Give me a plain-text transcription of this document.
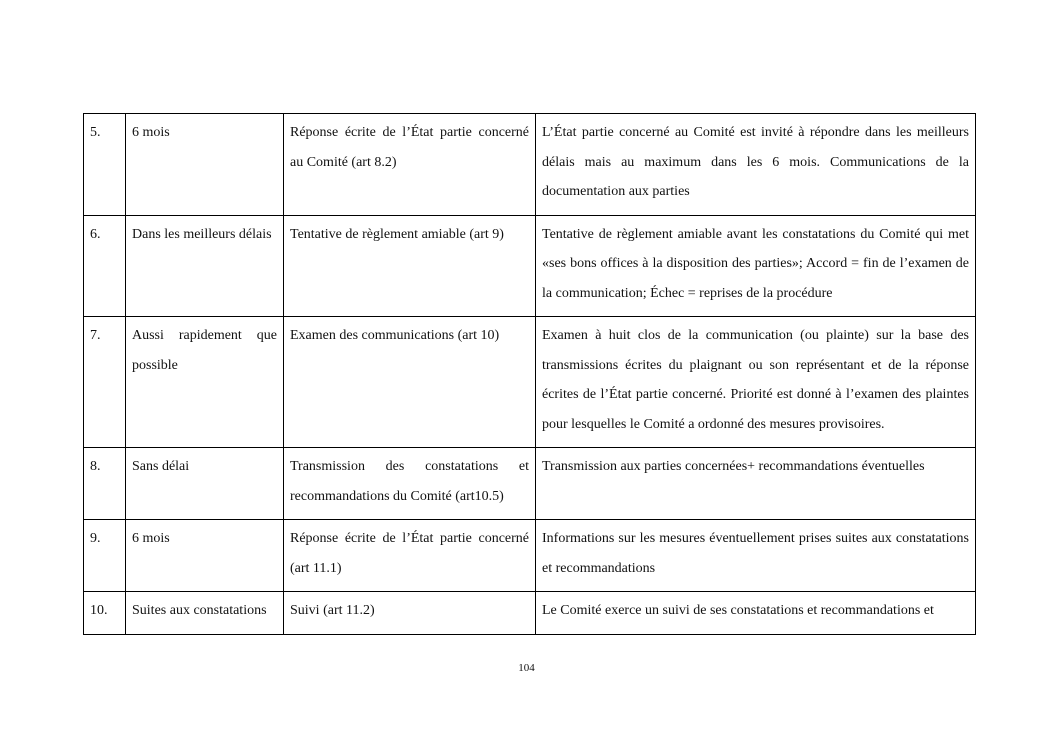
5.	6 mois	Réponse écrite de l’État partie concerné au Comité (art 8.2)	L’État partie concerné au Comité est invité à répondre dans les meilleurs délais mais au maximum dans les 6 mois. Communications de la documentation aux parties
6.	Dans les meilleurs délais	Tentative de règlement amiable (art 9)	Tentative de règlement amiable avant les constatations du Comité qui met «ses bons offices à la disposition des parties»; Accord = fin de l’examen de la communication; Échec = reprises de la procédure
7.	Aussi rapidement que possible	Examen des communications (art 10)	Examen à huit clos de la communication (ou plainte) sur la base des transmissions écrites du plaignant ou son représentant et de la réponse écrites de l’État partie concerné. Priorité est donné à l’examen des plaintes pour lesquelles le Comité a ordonné des mesures provisoires.
8.	Sans délai	Transmission des constatations et recommandations du Comité (art10.5)	Transmission aux parties concernées+ recommandations éventuelles
9.	6 mois	Réponse écrite de l’État partie concerné (art 11.1)	Informations sur les mesures éventuellement prises suites aux constatations et recommandations
10.	Suites aux constatations	Suivi (art 11.2)	Le Comité exerce un suivi de ses constatations et recommandations et
104
